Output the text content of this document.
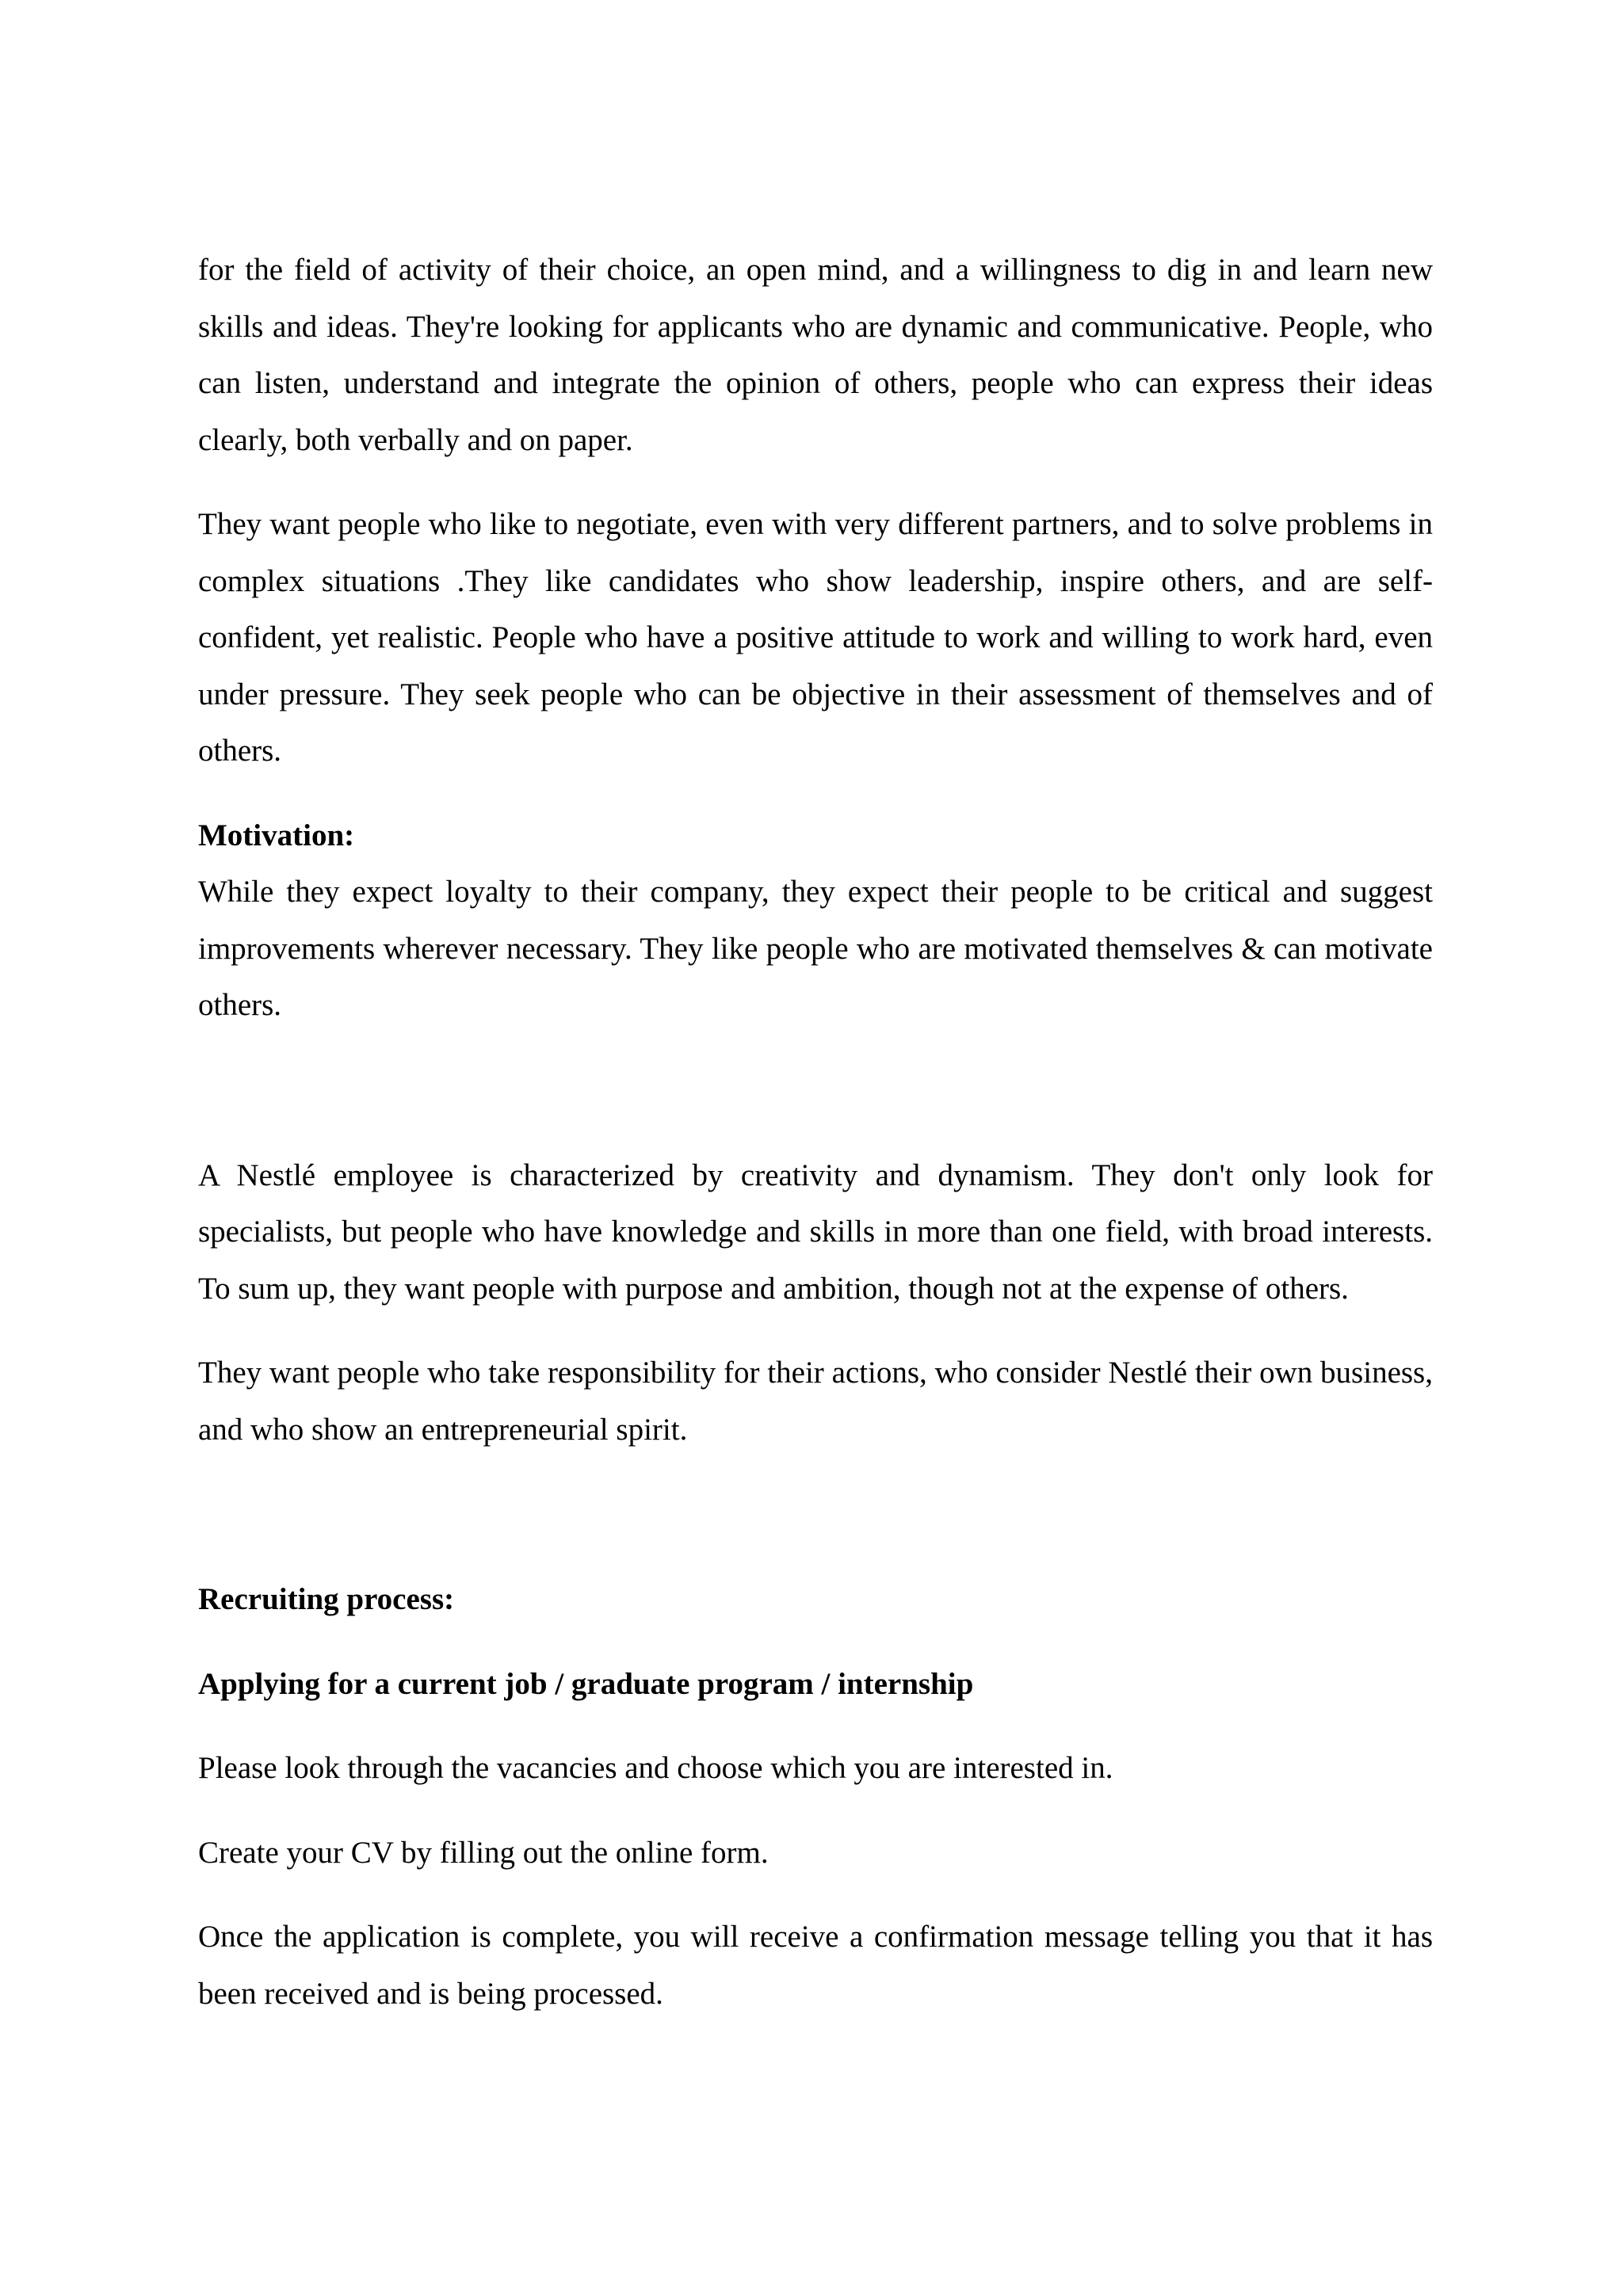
for the field of activity of their choice, an open mind, and a willingness to dig in and learn new skills and ideas. They're looking for applicants who are dynamic and communicative. People, who can listen, understand and integrate the opinion of others, people who can express their ideas clearly, both verbally and on paper.

They want people who like to negotiate, even with very different partners, and to solve problems in complex situations .They like candidates who show leadership, inspire others, and are self-confident, yet realistic. People who have a positive attitude to work and willing to work hard, even under pressure. They seek people who can be objective in their assessment of themselves and of others.

Motivation:

While they expect loyalty to their company, they expect their people to be critical and suggest improvements wherever necessary. They like people who are motivated themselves & can motivate others.

A Nestlé employee is characterized by creativity and dynamism. They don't only look for specialists, but people who have knowledge and skills in more than one field, with broad interests. To sum up, they want people with purpose and ambition, though not at the expense of others.

They want people who take responsibility for their actions, who consider Nestlé their own business, and who show an entrepreneurial spirit.

Recruiting process:

Applying for a current job / graduate program / internship

Please look through the vacancies and choose which you are interested in.

Create your CV by filling out the online form.

Once the application is complete, you will receive a confirmation message telling you that it has been received and is being processed.
